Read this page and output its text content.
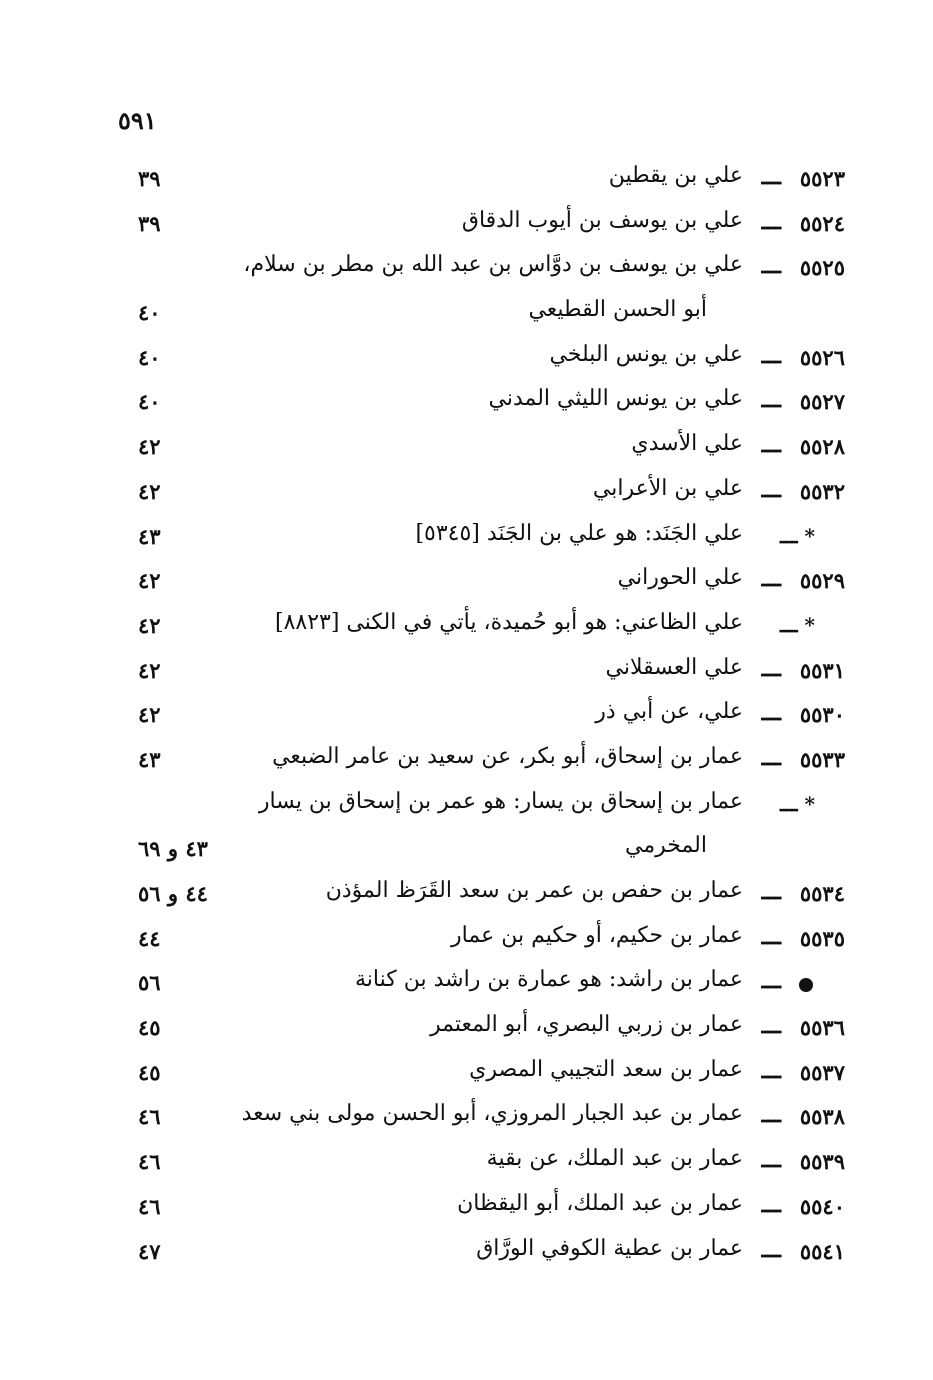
٥٩١
٥٥٢٣
ـــ
علي بن يقطين
٣٩
٥٥٢٤
ـــ
علي بن يوسف بن أيوب الدقاق
٣٩
٥٥٢٥
ـــ
علي بن يوسف بن دوَّاس بن عبد الله بن مطر بن سلام،
أبو الحسن القطيعي
٤٠
٥٥٢٦
ـــ
علي بن يونس البلخي
٤٠
٥٥٢٧
ـــ
علي بن يونس الليثي المدني
٤٠
٥٥٢٨
ـــ
علي الأسدي
٤٢
٥٥٣٢
ـــ
علي بن الأعرابي
٤٢
* ـــ
علي الجَنَد: هو علي بن الجَنَد [٥٣٤٥]
٤٣
٥٥٢٩
ـــ
علي الحوراني
٤٢
* ـــ
علي الظاعني: هو أبو حُميدة، يأتي في الكنى [٨٨٢٣]
٤٢
٥٥٣١
ـــ
علي العسقلاني
٤٢
٥٥٣٠
ـــ
علي، عن أبي ذر
٤٢
٥٥٣٣
ـــ
عمار بن إسحاق، أبو بكر، عن سعيد بن عامر الضبعي
٤٣
* ـــ
عمار بن إسحاق بن يسار: هو عمر بن إسحاق بن يسار
المخرمي
٤٣ و ٦٩
٥٥٣٤
ـــ
عمار بن حفص بن عمر بن سعد القَرَظ المؤذن
٤٤ و ٥٦
٥٥٣٥
ـــ
عمار بن حكيم، أو حكيم بن عمار
٤٤
ـــ
عمار بن راشد: هو عمارة بن راشد بن كنانة
٥٦
٥٥٣٦
ـــ
عمار بن زربي البصري، أبو المعتمر
٤٥
٥٥٣٧
ـــ
عمار بن سعد التجيبي المصري
٤٥
٥٥٣٨
ـــ
عمار بن عبد الجبار المروزي، أبو الحسن مولى بني سعد
٤٦
٥٥٣٩
ـــ
عمار بن عبد الملك، عن بقية
٤٦
٥٥٤٠
ـــ
عمار بن عبد الملك، أبو اليقظان
٤٦
٥٥٤١
ـــ
عمار بن عطية الكوفي الورَّاق
٤٧
